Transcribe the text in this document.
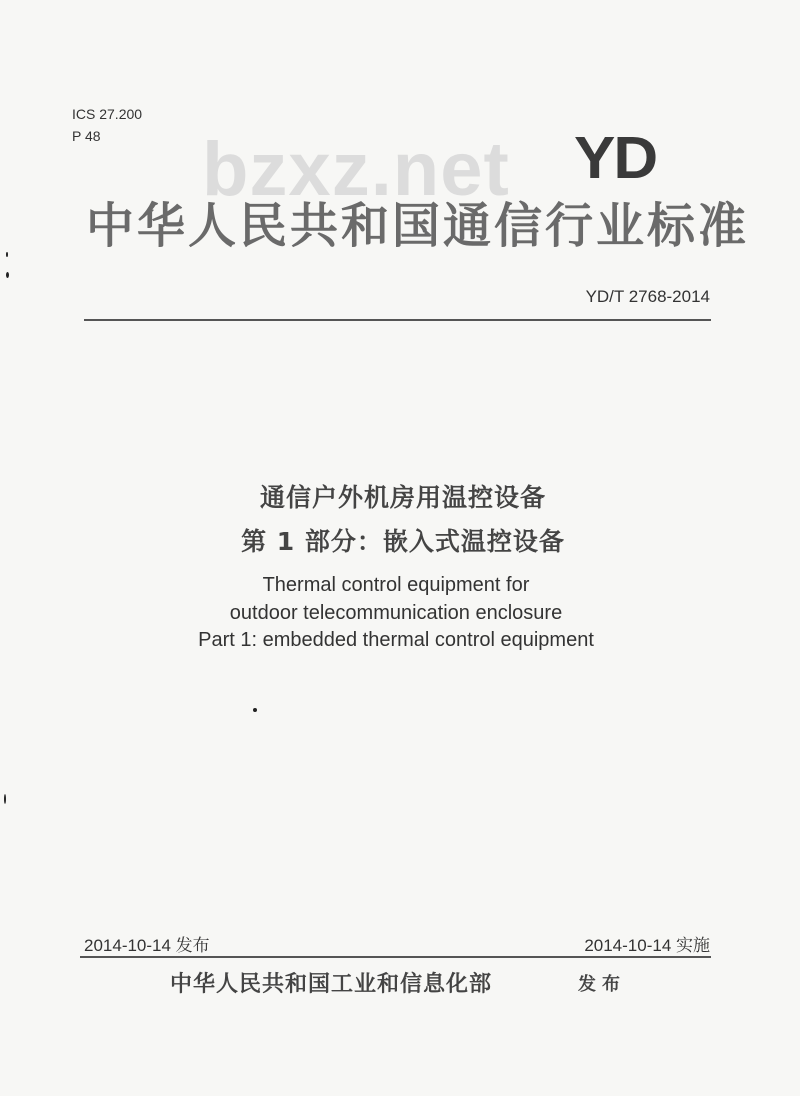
ICS 27.200
P 48 bzxz.net YD
中华人民共和国通信行业标准
YD/T 2768-2014
通信户外机房用温控设备
第 1 部分：嵌入式温控设备
Thermal control equipment for
outdoor telecommunication enclosure
Part 1: embedded thermal control equipment
2014-10-14 发布	2014-10-14 实施
中华人民共和国工业和信息化部	发布
